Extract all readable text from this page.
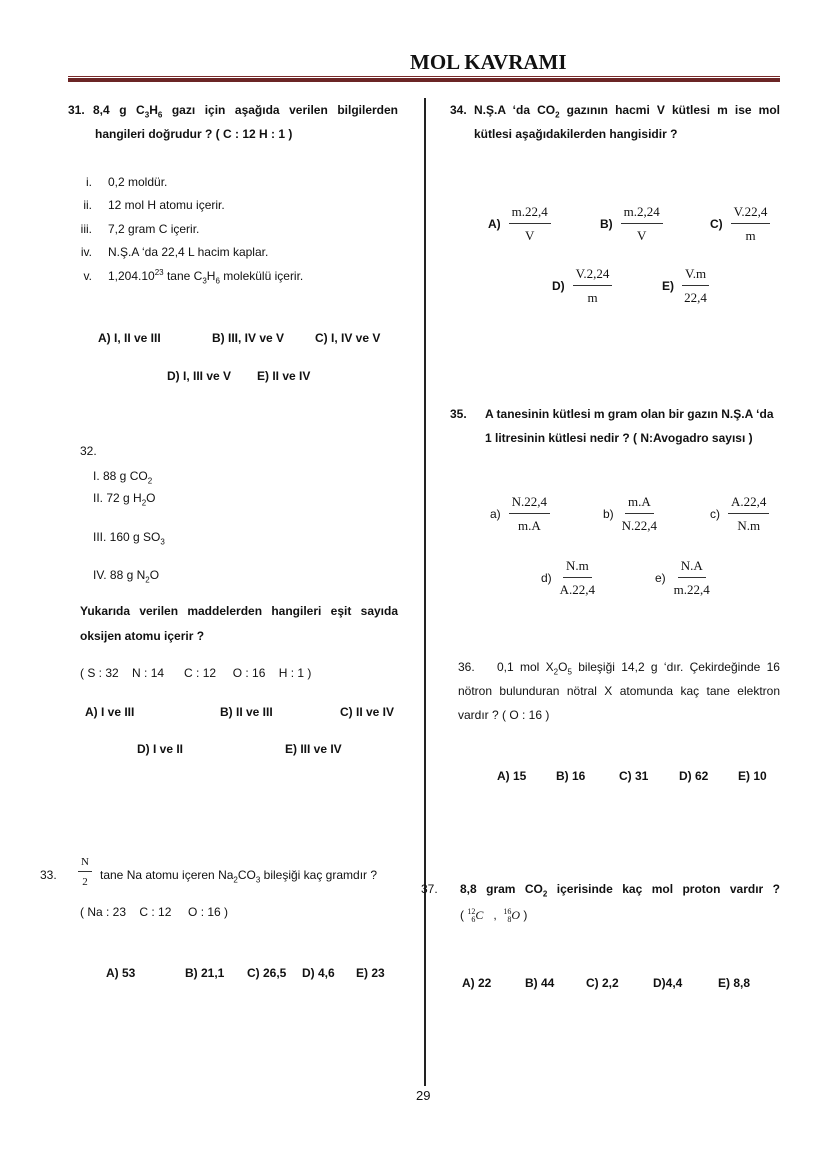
MOL KAVRAMI
31. 8,4 g $C_3H_6$ gazı için aşağıda verilen bilgilerden
hangileri doğrudur ? ( C : 12 H : 1 )
i. 0,2 moldür.
ii. 12 mol H atomu içerir.
iii. 7,2 gram C içerir.
iv. N.Ş.A ‘da 22,4 L hacim kaplar.
v. 1,204.10$^{23}$ tane $C_3H_6$ molekülü içerir.
A) I, II ve III	B) III, IV ve V	C) I, IV ve V
D) I, III ve V E) II ve IV
32.
I. 88 g $CO_2$
II. 72 g $H_2O$
III. 160 g $SO_3$
IV. 88 g $N_2O$
Yukarıda verilen maddelerden hangileri eşit sayıda
oksijen atomu içerir ?
( S : 32    N : 14      C : 12     O : 16    H : 1 )
A) I ve III	B) II ve III	C) II ve IV
D) I ve II	E) III ve IV
33. $\frac{N}{2}$ tane Na atomu içeren $Na_2CO_3$ bileşiği kaç gramdır ?
( Na : 23    C : 12     O : 16 )
A) 53	B) 21,1 C) 26,5 D) 4,6 E) 23
34. N.Ş.A ‘da $CO_2$ gazının hacmi V kütlesi m ise mol
kütlesi aşağıdakilerden hangisidir ?
$A) \frac{m.22,4}{V}$	$B) \frac{m.2,24}{V}$	$C) \frac{V.22,4}{m}$
$D) \frac{V.2,24}{m}$	$E) \frac{V.m}{22,4}$
35. A tanesinin kütlesi m gram olan bir gazın N.Ş.A ‘da
1 litresinin kütlesi nedir ? ( N:Avogadro sayısı )
$a) \frac{N.22,4}{m.A}$	$b) \frac{m.A}{N.22,4}$	$c) \frac{A.22,4}{N.m}$
$d) \frac{N.m}{A.22,4}$	$e) \frac{N.A}{m.22,4}$
36. 0,1 mol $X_2O_5$ bileşiği 14,2 g ‘dır. Çekirdeğinde 16
nötron bulunduran nötral X atomunda kaç tane elektron
vardır ? ( O : 16 )
A) 15 B) 16	C) 31	D) 62 E) 10
37. 8,8 gram $CO_2$ içerisinde kaç mol proton vardır ?
( 12
6 C , 16
8 O )
A) 22	B) 44	C) 2,2	D)4,4	E) 8,8
29
